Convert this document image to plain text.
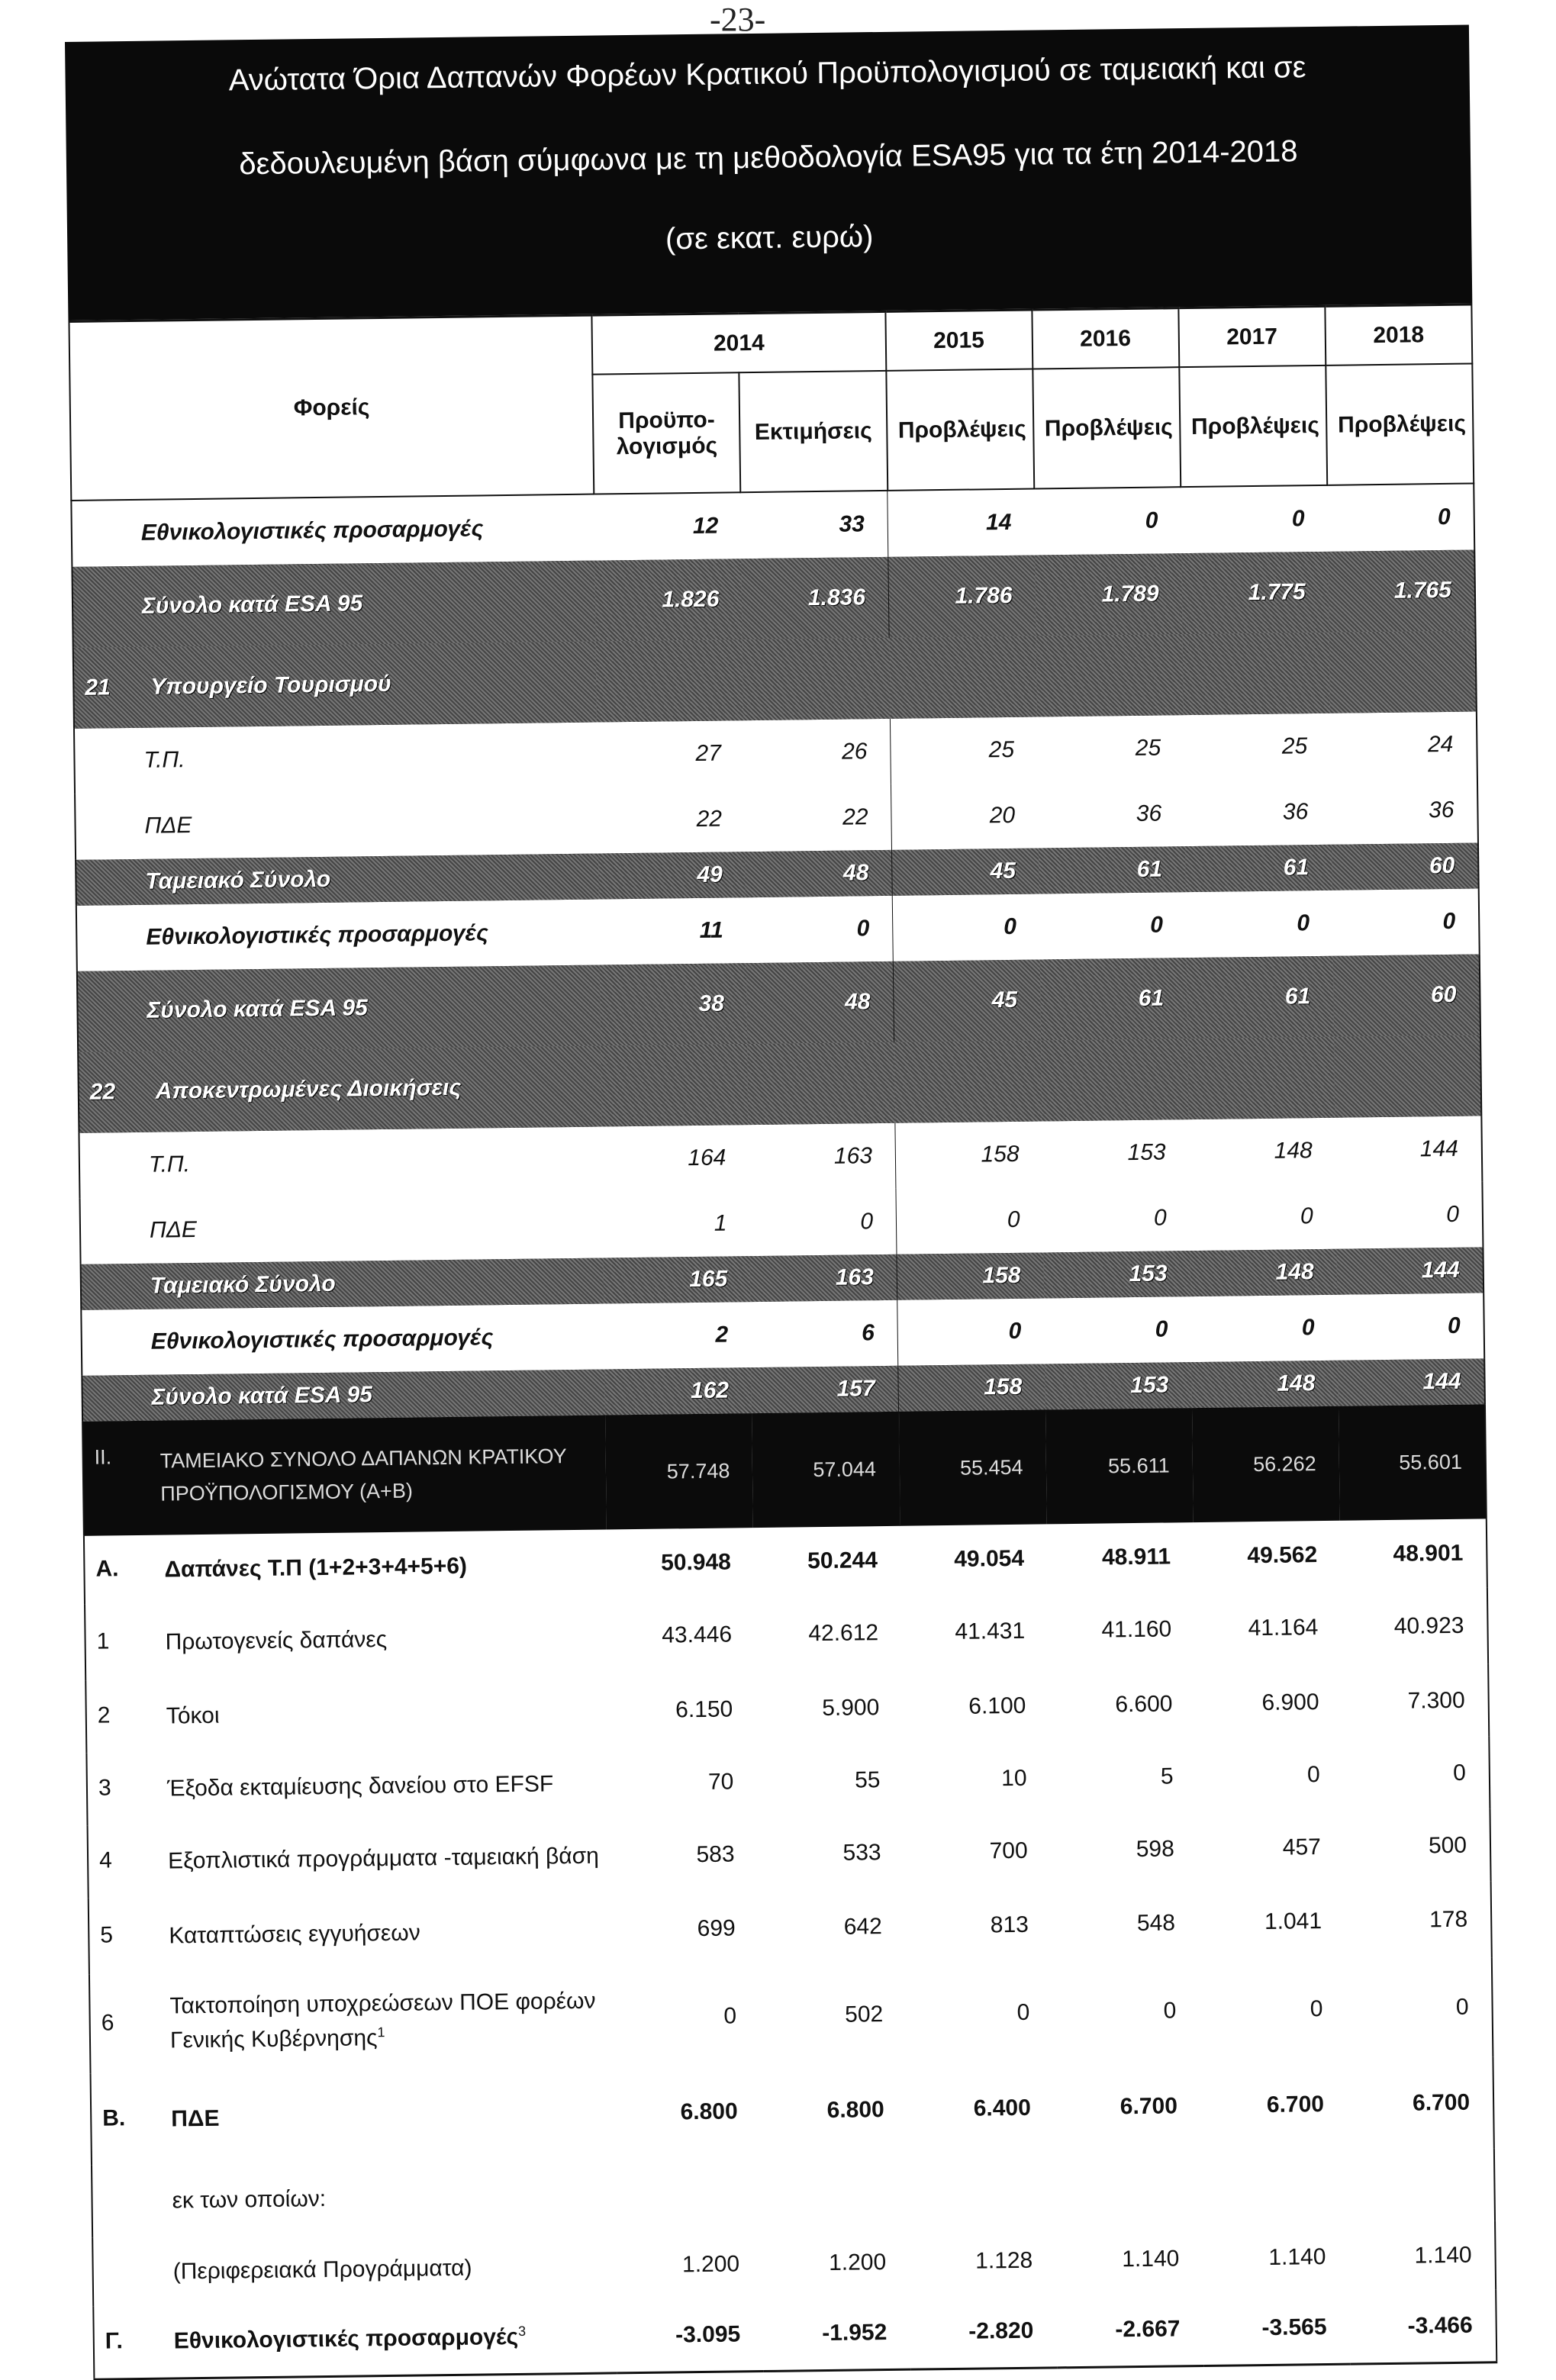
-23-
Ανώτατα Όρια Δαπανών Φορέων Κρατικού Προϋπολογισμού σε ταμειακή και σε
δεδουλευμένη βάση σύμφωνα με τη μεθοδολογία ESA95 για τα έτη 2014-2018
(σε εκατ. ευρώ)
Φορείς	2014		2015	2016	2017	2018
	Προϋπο-λογισμός	Εκτιμήσεις	Προβλέψεις	Προβλέψεις	Προβλέψεις	Προβλέψεις
Εθνικολογιστικές προσαρμογές	12	33	14	0	0	0
Σύνολο κατά ESA 95	1.826	1.836	1.786	1.789	1.775	1.765
21 Υπουργείο Τουρισμού						
Τ.Π.	27	26	25	25	25	24
ΠΔΕ	22	22	20	36	36	36
Ταμειακό Σύνολο	49	48	45	61	61	60
Εθνικολογιστικές προσαρμογές	11	0	0	0	0	0
Σύνολο κατά ESA 95	38	48	45	61	61	60
22 Αποκεντρωμένες Διοικήσεις						
Τ.Π.	164	163	158	153	148	144
ΠΔΕ	1	0	0	0	0	0
Ταμειακό Σύνολο	165	163	158	153	148	144
Εθνικολογιστικές προσαρμογές	2	6	0	0	0	0
Σύνολο κατά ESA 95	162	157	158	153	148	144
II. ΤΑΜΕΙΑΚΟ ΣΥΝΟΛΟ ΔΑΠΑΝΩΝ ΚΡΑΤΙΚΟΥ
ΠΡΟΫΠΟΛΟΓΙΣΜΟΥ (Α+Β)	57.748	57.044	55.454	55.611	56.262	55.601
Α. Δαπάνες Τ.Π (1+2+3+4+5+6)	50.948	50.244	49.054	48.911	49.562	48.901
1 Πρωτογενείς δαπάνες	43.446	42.612	41.431	41.160	41.164	40.923
2 Τόκοι	6.150	5.900	6.100	6.600	6.900	7.300
3 Έξοδα εκταμίευσης δανείου στο EFSF	70	55	10	5	0	0
4 Εξοπλιστικά προγράμματα -ταμειακή βάση	583	533	700	598	457	500
5 Καταπτώσεις εγγυήσεων	699	642	813	548	1.041	178
6Τακτοποίηση υποχρεώσεων ΠΟΕ φορέων
Γενικής Κυβέρνησης$^1$	0	502	0	0	0	0
Β. ΠΔΕ	6.800	6.800	6.400	6.700	6.700	6.700
εκ των οποίων:						
(Περιφερειακά Προγράμματα)	1.200	1.200	1.128	1.140	1.140	1.140
Γ. Εθνικολογιστικές προσαρμογές$^3$	-3.095	-1.952	-2.820	-2.667	-3.565	-3.466
